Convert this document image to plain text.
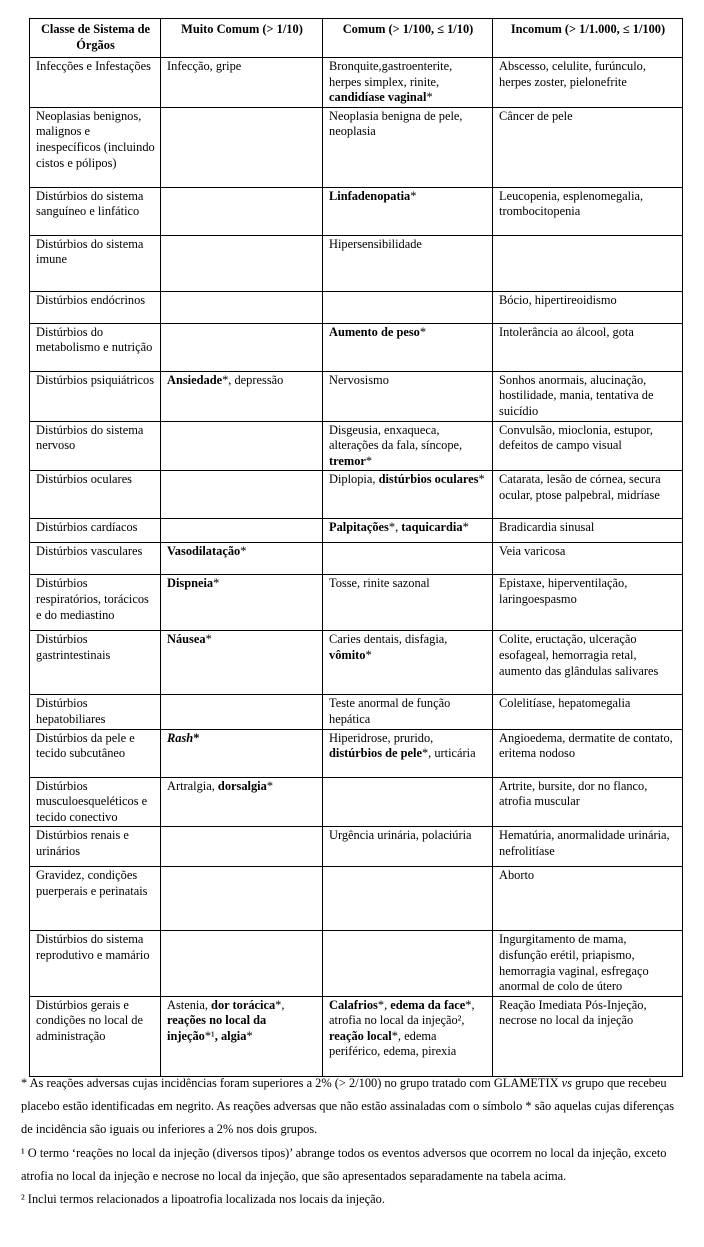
Classe de Sistema de Órgãos	Muito Comum (> 1/10)	Comum (> 1/100, ≤ 1/10)	Incomum (> 1/1.000, ≤ 1/100)
Infecções e Infestações	Infecção, gripe	Bronquite,gastroenterite, herpes simplex, rinite, candidíase vaginal*	Abscesso, celulite, furúnculo, herpes zoster, pielonefrite
Neoplasias benignos, malignos e inespecíficos (incluindo cistos e pólipos)		Neoplasia benigna de pele, neoplasia	Câncer de pele
Distúrbios do sistema sanguíneo e linfático		Linfadenopatia*	Leucopenia, esplenomegalia, trombocitopenia
Distúrbios do sistema imune		Hipersensibilidade	
Distúrbios endócrinos			Bócio, hipertireoidismo
Distúrbios do metabolismo e nutrição		Aumento de peso*	Intolerância ao álcool, gota
Distúrbios psiquiátricos	Ansiedade*, depressão	Nervosismo	Sonhos anormais, alucinação, hostilidade, mania, tentativa de suicídio
Distúrbios do sistema nervoso		Disgeusia, enxaqueca, alterações da fala, síncope, tremor*	Convulsão, mioclonia, estupor, defeitos de campo visual
Distúrbios oculares		Diplopia, distúrbios oculares*	Catarata, lesão de córnea, secura ocular, ptose palpebral, midríase
Distúrbios cardíacos		Palpitações*, taquicardia*	Bradicardia sinusal
Distúrbios vasculares	Vasodilatação*		Veia varicosa
Distúrbios respiratórios, torácicos e do mediastino	Dispneia*	Tosse, rinite sazonal	Epistaxe, hiperventilação, laringoespasmo
Distúrbios gastrintestinais	Náusea*	Caries dentais, disfagia, vômito*	Colite, eructação, ulceração esofageal, hemorragia retal, aumento das glândulas salivares
Distúrbios hepatobiliares		Teste anormal de função hepática	Colelitíase, hepatomegalia
Distúrbios da pele e tecido subcutâneo	Rash*	Hiperidrose, prurido, distúrbios de pele*, urticária	Angioedema, dermatite de contato, eritema nodoso
Distúrbios musculoesqueléticos e tecido conectivo	Artralgia, dorsalgia*		Artrite, bursite, dor no flanco, atrofia muscular
Distúrbios renais e urinários		Urgência urinária, polaciúria	Hematúria, anormalidade urinária, nefrolitíase
Gravidez, condições puerperais e perinatais			Aborto
Distúrbios do sistema reprodutivo e mamário			Ingurgitamento de mama, disfunção erétil, priapismo, hemorragia vaginal, esfregaço anormal de colo de útero
Distúrbios gerais e condições no local de administração	Astenia, dor torácica*, reações no local da injeção*¹, algia*	Calafrios*, edema da face*, atrofia no local da injeção², reação local*, edema periférico, edema, pirexia	Reação Imediata Pós-Injeção, necrose no local da injeção

* As reações adversas cujas incidências foram superiores a 2% (> 2/100) no grupo tratado com GLAMETIX vs grupo que recebeu placebo estão identificadas em negrito. As reações adversas que não estão assinaladas com o símbolo * são aquelas cujas diferenças de incidência são iguais ou inferiores a 2% nos dois grupos.

¹ O termo ‘reações no local da injeção (diversos tipos)’ abrange todos os eventos adversos que ocorrem no local da injeção, exceto atrofia no local da injeção e necrose no local da injeção, que são apresentados separadamente na tabela acima.

² Inclui termos relacionados a lipoatrofia localizada nos locais da injeção.
